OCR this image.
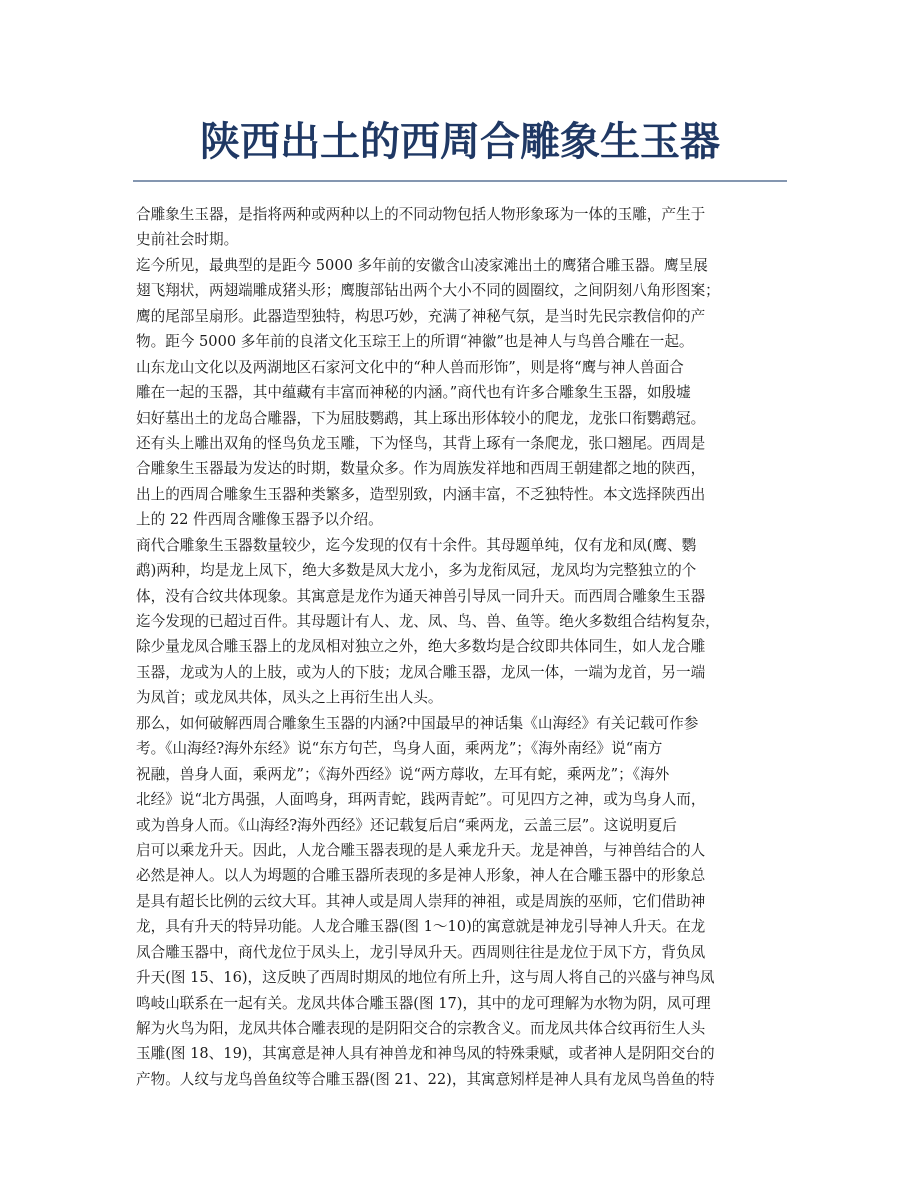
陕西出土的西周合雕象生玉器
合雕象生玉器，是指将两种或两种以上的不同动物包括人物形象琢为一体的玉雕，产生于
史前社会时期。
迄今所见，最典型的是距今 5000 多年前的安徽含山凌家滩出土的鹰猪合雕玉器。鹰呈展
翅飞翔状，两翅端雕成猪头形；鹰腹部钻出两个大小不同的圆圈纹，之间阴刻八角形图案；
鹰的尾部呈扇形。此器造型独特，构思巧妙，充满了神秘气氛，是当时先民宗教信仰的产
物。距今 5000 多年前的良渚文化玉琮王上的所谓“神徽”也是神人与鸟兽合雕在一起。
山东龙山文化以及两湖地区石家河文化中的“种人兽而形饰”，则是将“鹰与神人兽面合
雕在一起的玉器，其中蕴藏有丰富而神秘的内涵。”商代也有许多合雕象生玉器，如殷墟
妇好墓出土的龙岛合雕器，下为屈肢鹦鹉，其上琢出形体较小的爬龙，龙张口衔鹦鹉冠。
还有头上雕出双角的怪鸟负龙玉雕，下为怪鸟，其背上琢有一条爬龙，张口翘尾。西周是
合雕象生玉器最为发达的时期，数量众多。作为周族发祥地和西周王朝建都之地的陕西，
出上的西周合雕象生玉器种类繁多，造型别致，内涵丰富，不乏独特性。本文选择陕西出
上的 22 件西周含雕像玉器予以介绍。
商代合雕象生玉器数量较少，迄今发现的仅有十余件。其母题单纯，仅有龙和凤(鹰、鹦
鹉)两种，均是龙上凤下，绝大多数是凤大龙小，多为龙衔凤冠，龙凤均为完整独立的个
体，没有合纹共体现象。其寓意是龙作为通天神兽引导凤一同升天。而西周合雕象生玉器
迄今发现的已超过百件。其母题计有人、龙、凤、鸟、兽、鱼等。绝火多数组合结构复杂，
除少量龙凤合雕玉器上的龙凤相对独立之外，绝大多数均是合纹即共体同生，如人龙合雕
玉器，龙或为人的上肢，或为人的下肢；龙凤合雕玉器，龙凤一体，一端为龙首，另一端
为凤首；或龙凤共体，凤头之上再衍生出人头。
那么，如何破解西周合雕象生玉器的内涵?中国最早的神话集《山海经》有关记载可作参
考。《山海经?海外东经》说“东方句芒，鸟身人面，乘两龙”；《海外南经》说“南方
祝融，兽身人面，乘两龙”；《海外西经》说“两方蓐收，左耳有蛇，乘两龙”；《海外
北经》说“北方禺强，人面鸣身，珥两青蛇，践两青蛇”。可见四方之神，或为鸟身人而，
或为兽身人而。《山海经?海外西经》还记载复后启“乘两龙，云盖三层”。这说明夏后
启可以乘龙升天。因此，人龙合雕玉器表现的是人乘龙升天。龙是神兽，与神兽结合的人
必然是神人。以人为坶题的合雕玉器所表现的多是神人形象，神人在合雕玉器中的形象总
是具有超长比例的云纹大耳。其神人或是周人崇拜的神祖，或是周族的巫师，它们借助神
龙，具有升天的特异功能。人龙合雕玉器(图 1～10)的寓意就是神龙引导神人升天。在龙
凤合雕玉器中，商代龙位于凤头上，龙引导凤升天。西周则往往是龙位于凤下方，背负凤
升天(图 15、16)，这反映了西周时期凤的地位有所上升，这与周人将自己的兴盛与神鸟凤
鸣岐山联系在一起有关。龙凤共体合雕玉器(图 17)，其中的龙可理解为水物为阴，凤可理
解为火鸟为阳，龙凤共体合雕表现的是阴阳交合的宗教含义。而龙凤共体合纹再衍生人头
玉雕(图 18、19)，其寓意是神人具有神兽龙和神鸟凤的特殊秉赋，或者神人是阴阳交台的
产物。人纹与龙鸟兽鱼纹等合雕玉器(图 21、22)，其寓意矧样是神人具有龙凤鸟兽鱼的特
